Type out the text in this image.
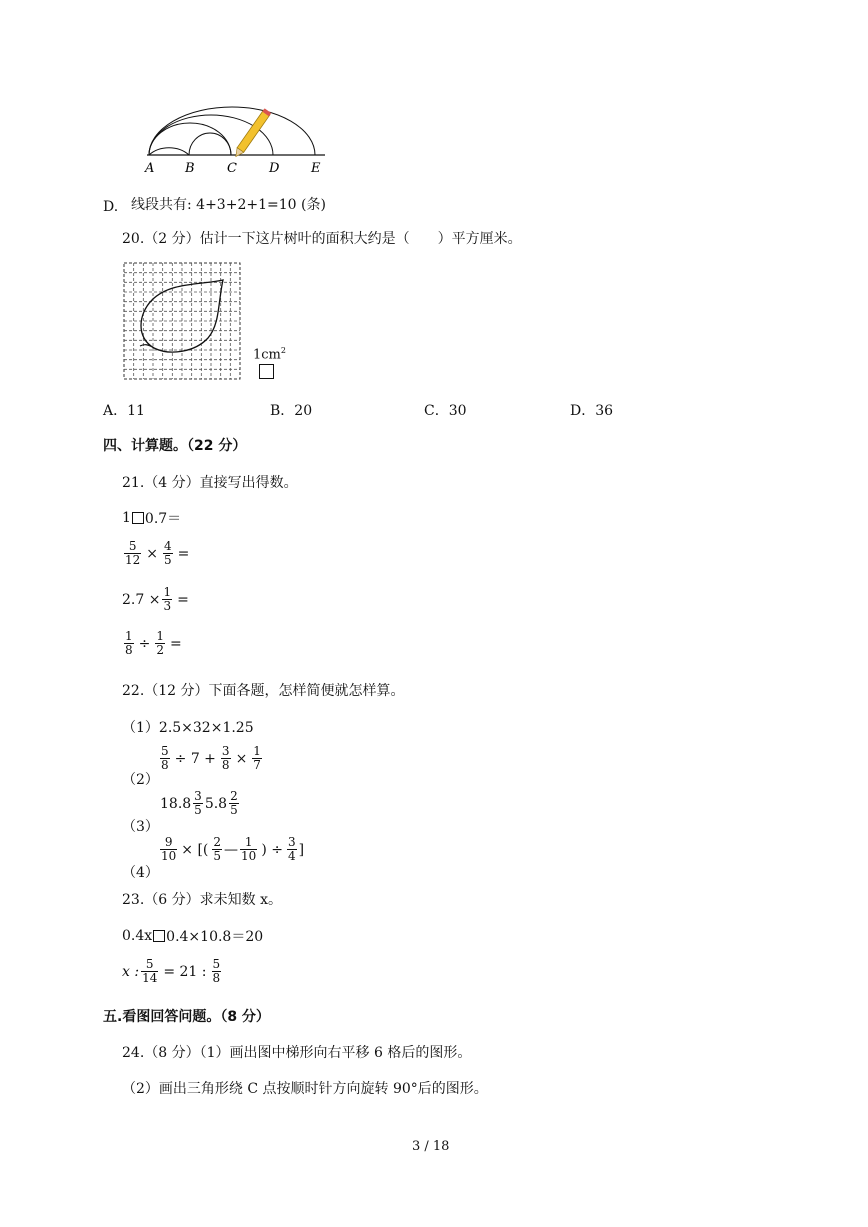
A B C D E
D. 线段共有: 4+3+2+1=10 (条)
20.（2 分）估计一下这片树叶的面积大约是（　　）平方厘米。
$1cm^2$
A．11	B．20	C．30	D．36
四、计算题。（22 分）
21.（4 分）直接写出得数。
1 0.7＝
$\frac{5}{12} \times \frac{4}{5}$ =
$2.7 \times \frac{1}{3}$ =
$\frac{1}{8} \div \frac{1}{2}$ =
22.（12 分）下面各题，怎样简便就怎样算。
（1）2.5×32×1.25
（2）
$\frac{5}{8} \div 7 + \frac{3}{8} \times \frac{1}{7}$
（3）
$18.8 \frac{3}{5} 5.8 \frac{2}{5}$
（4）
$\frac{9}{10}$ × [( $\frac{2}{5}$ — $\frac{1}{10}$ ) ÷ $\frac{3}{4}$ ]
23.（6 分）求未知数 x。
0.4x 0.4×10.8＝20
x : $\frac{5}{14} = 21$ : $\frac{5}{8}$
五.看图回答问题。（8 分）
24.（8 分）（1）画出图中梯形向右平移 6 格后的图形。
（2）画出三角形绕 C 点按顺时针方向旋转 90°后的图形。
3 / 18
